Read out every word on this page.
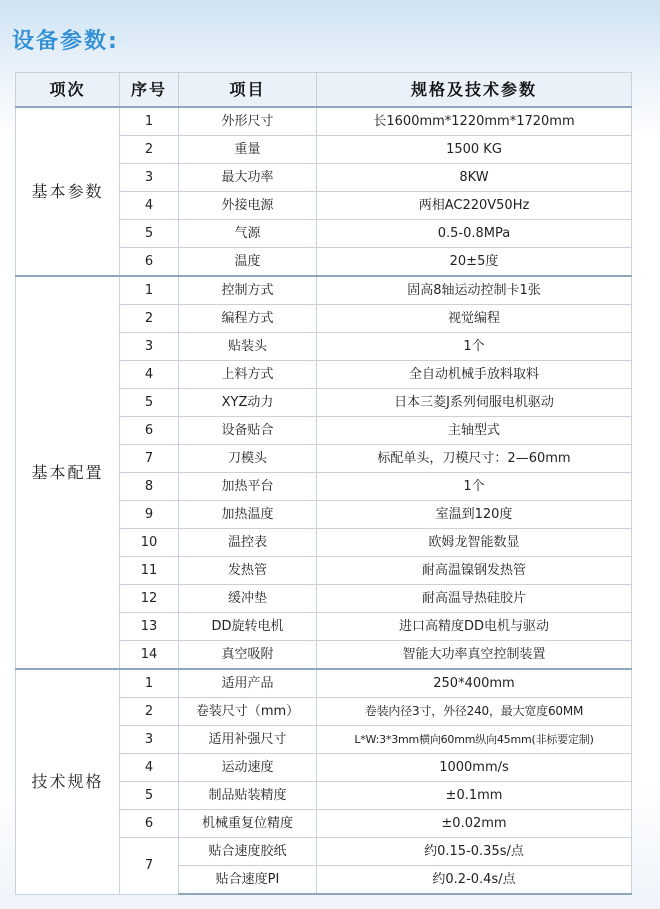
设备参数:
项次	序号	项目	规格及技术参数
基本参数	1	外形尺寸	长1600mm*1220mm*1720mm
	2	重量	1500 KG
	3	最大功率	8KW
	4	外接电源	两相AC220V50Hz
	5	气源	0.5-0.8MPa
	6	温度	20±5度
基本配置	1	控制方式	固高8轴运动控制卡1张
	2	编程方式	视觉编程
	3	贴装头	1个
	4	上料方式	全自动机械手放料取料
	5	XYZ动力	日本三菱J系列伺服电机驱动
	6	设备贴合	主轴型式
	7	刀模头	标配单头，刀模尺寸：2—60mm
	8	加热平台	1个
	9	加热温度	室温到120度
	10	温控表	欧姆龙智能数显
	11	发热管	耐高温镍钢发热管
	12	缓冲垫	耐高温导热硅胶片
	13	DD旋转电机	进口高精度DD电机与驱动
	14	真空吸附	智能大功率真空控制装置
技术规格	1	适用产品	250*400mm
	2	卷装尺寸（mm）	卷装内径3寸，外径240，最大宽度60MM
	3	适用补强尺寸	L*W:3*3mm横向60mm纵向45mm(非标要定制)
	4	运动速度	1000mm/s
	5	制品贴装精度	±0.1mm
	6	机械重复位精度	±0.02mm
	7	贴合速度胶纸	约0.15-0.35s/点
		贴合速度PI	约0.2-0.4s/点
